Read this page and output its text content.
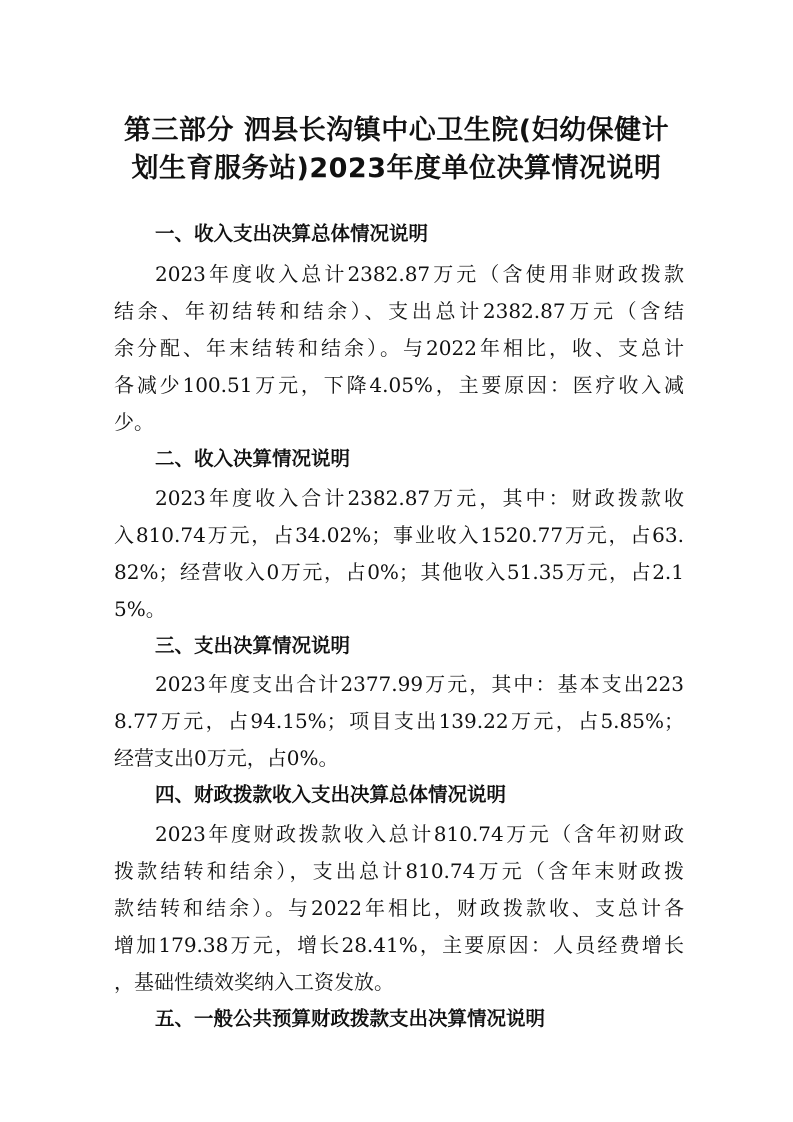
第三部分 泗县长沟镇中心卫生院(妇幼保健计
划生育服务站)2023年度单位决算情况说明
一、收入支出决算总体情况说明
2023年度收入总计2382.87万元（含使用非财政拨款
结余、年初结转和结余）、支出总计2382.87万元（含结
余分配、年末结转和结余）。与2022年相比，收、支总计
各减少100.51万元，下降4.05%，主要原因：医疗收入减
少。
二、收入决算情况说明
2023年度收入合计2382.87万元，其中：财政拨款收
入810.74万元，占34.02%；事业收入1520.77万元，占63.
82%；经营收入0万元，占0%；其他收入51.35万元，占2.1
5%。
三、支出决算情况说明
2023年度支出合计2377.99万元，其中：基本支出223
8.77万元，占94.15%；项目支出139.22万元，占5.85%；
经营支出0万元，占0%。
四、财政拨款收入支出决算总体情况说明
2023年度财政拨款收入总计810.74万元（含年初财政
拨款结转和结余），支出总计810.74万元（含年末财政拨
款结转和结余）。与2022年相比，财政拨款收、支总计各
增加179.38万元，增长28.41%，主要原因：人员经费增长
，基础性绩效奖纳入工资发放。
五、一般公共预算财政拨款支出决算情况说明
